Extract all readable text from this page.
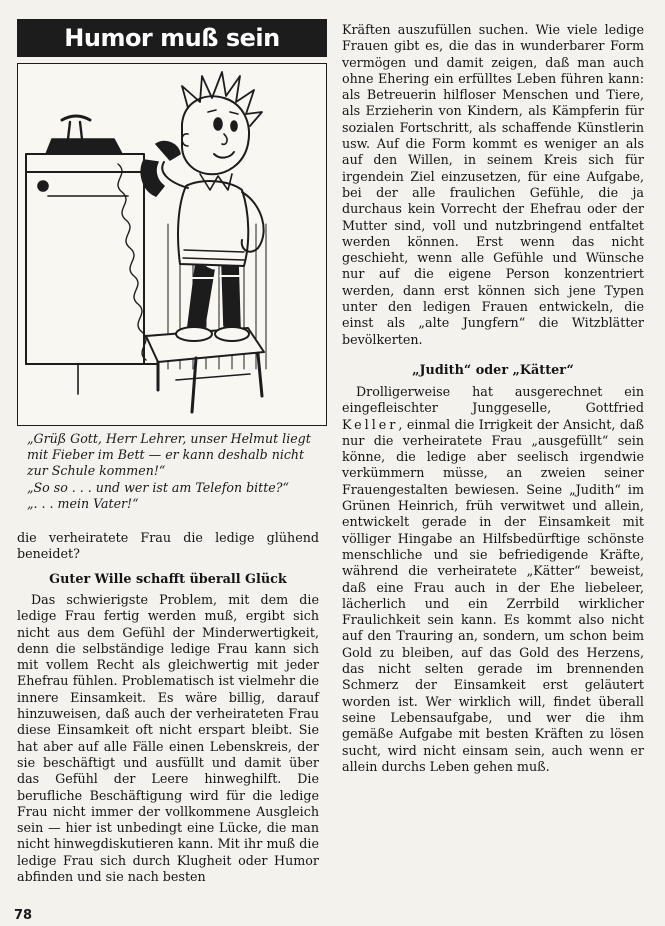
Humor muß sein

„Grüß Gott, Herr Lehrer, unser Helmut liegt mit Fieber im Bett — er kann deshalb nicht zur Schule kommen!“

„So so . . . und wer ist am Telefon bitte?“

„. . . mein Vater!“

die verheiratete Frau die ledige glühend beneidet?

Guter Wille schafft überall Glück

Das schwierigste Problem, mit dem die ledige Frau fertig werden muß, ergibt sich nicht aus dem Gefühl der Minderwertigkeit, denn die selbständige ledige Frau kann sich mit vollem Recht als gleichwertig mit jeder Ehefrau fühlen. Problematisch ist vielmehr die innere Einsamkeit. Es wäre billig, darauf hinzuweisen, daß auch der verheirateten Frau diese Einsamkeit oft nicht erspart bleibt. Sie hat aber auf alle Fälle einen Lebenskreis, der sie beschäftigt und ausfüllt und damit über das Gefühl der Leere hinweghilft. Die berufliche Beschäftigung wird für die ledige Frau nicht immer der vollkommene Ausgleich sein — hier ist unbedingt eine Lücke, die man nicht hinwegdiskutieren kann. Mit ihr muß die ledige Frau sich durch Klugheit oder Humor abfinden und sie nach besten

Kräften auszufüllen suchen. Wie viele ledige Frauen gibt es, die das in wunderbarer Form vermögen und damit zeigen, daß man auch ohne Ehering ein erfülltes Leben führen kann: als Betreuerin hilfloser Menschen und Tiere, als Erzieherin von Kindern, als Kämpferin für sozialen Fortschritt, als schaffende Künstlerin usw. Auf die Form kommt es weniger an als auf den Willen, in seinem Kreis sich für irgendein Ziel einzusetzen, für eine Aufgabe, bei der alle fraulichen Gefühle, die ja durchaus kein Vorrecht der Ehefrau oder der Mutter sind, voll und nutzbringend entfaltet werden können. Erst wenn das nicht geschieht, wenn alle Gefühle und Wünsche nur auf die eigene Person konzentriert werden, dann erst können sich jene Typen unter den ledigen Frauen entwickeln, die einst als „alte Jungfern“ die Witzblätter bevölkerten.

„Judith“ oder „Kätter“

Drolligerweise hat ausgerechnet ein eingefleischter Junggeselle, Gottfried Keller, einmal die Irrigkeit der Ansicht, daß nur die verheiratete Frau „ausgefüllt“ sein könne, die ledige aber seelisch irgendwie verkümmern müsse, an zweien seiner Frauengestalten bewiesen. Seine „Judith“ im Grünen Heinrich, früh verwitwet und allein, entwickelt gerade in der Einsamkeit mit völliger Hingabe an Hilfsbedürftige schönste menschliche und sie befriedigende Kräfte, während die verheiratete „Kätter“ beweist, daß eine Frau auch in der Ehe liebeleer, lächerlich und ein Zerrbild wirklicher Fraulichkeit sein kann. Es kommt also nicht auf den Trauring an, sondern, um schon beim Gold zu bleiben, auf das Gold des Herzens, das nicht selten gerade im brennenden Schmerz der Einsamkeit erst geläutert worden ist. Wer wirklich will, findet überall seine Lebensaufgabe, und wer die ihm gemäße Aufgabe mit besten Kräften zu lösen sucht, wird nicht einsam sein, auch wenn er allein durchs Leben gehen muß.

78
